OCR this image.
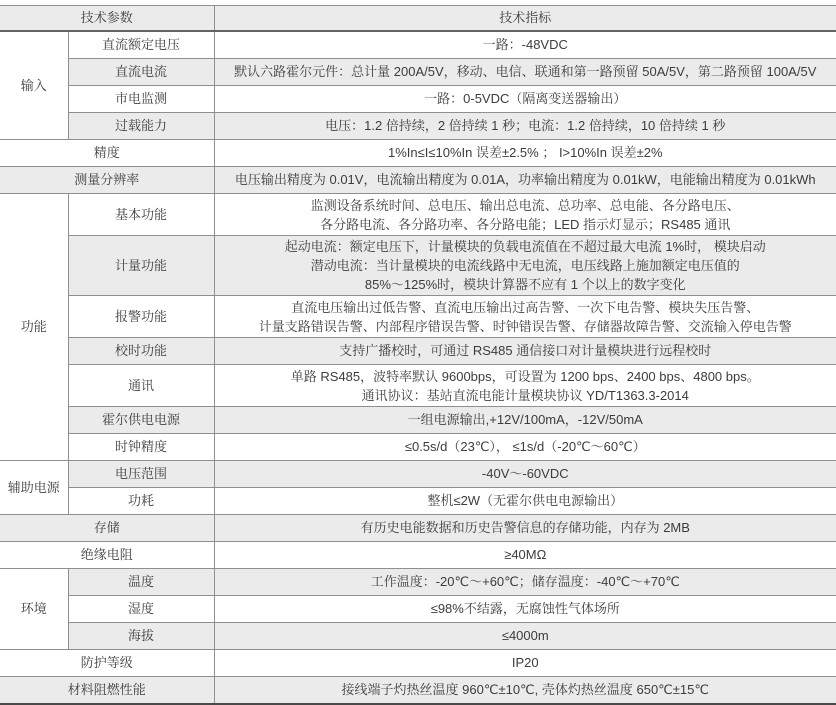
技术参数		技术指标
输入	直流额定电压	一路：-48VDC
	直流电流	默认六路霍尔元件：总计量 200A/5V，移动、电信、联通和第一路预留 50A/5V，第二路预留 100A/5V
	市电监测	一路：0-5VDC（隔离变送器输出）
	过载能力	电压：1.2 倍持续，2 倍持续 1 秒；电流：1.2 倍持续，10 倍持续 1 秒
精度		1%In≤I≤10%In 误差±2.5% ； I>10%In 误差±2%
测量分辨率		电压输出精度为 0.01V，电流输出精度为 0.01A，功率输出精度为 0.01kW，电能输出精度为 0.01kWh
功能	基本功能	监测设备系统时间、总电压、输出总电流、总功率、总电能、各分路电压、
各分路电流、各分路功率、各分路电能；LED 指示灯显示；RS485 通讯

	计量功能	起动电流：额定电压下，计量模块的负载电流值在不超过最大电流 1%时， 模块启动
潜动电流：当计量模块的电流线路中无电流，电压线路上施加额定电压值的
85%～125%时，模块计算器不应有 1 个以上的数字变化

	报警功能	直流电压输出过低告警、直流电压输出过高告警、一次下电告警、模块失压告警、
计量支路错误告警、内部程序错误告警、时钟错误告警、存储器故障告警、交流输入停电告警

	校时功能	支持广播校时，可通过 RS485 通信接口对计量模块进行远程校时
	通讯	单路 RS485，波特率默认 9600bps，可设置为 1200 bps、2400 bps、4800 bps。
通讯协议：基站直流电能计量模块协议 YD/T1363.3-2014

	霍尔供电电源	一组电源输出,+12V/100mA，-12V/50mA
	时钟精度	≤0.5s/d（23℃）， ≤1s/d（-20℃～60℃）
辅助电源	电压范围	-40V～-60VDC
	功耗	整机≤2W（无霍尔供电电源输出）
存储		有历史电能数据和历史告警信息的存储功能，内存为 2MB
绝缘电阻		≥40MΩ
环境	温度	工作温度：-20℃～+60℃；储存温度：-40℃～+70℃
	湿度	≤98%不结露，无腐蚀性气体场所
	海拔	≤4000m
防护等级		IP20
材料阻燃性能		接线端子灼热丝温度 960℃±10℃, 壳体灼热丝温度 650℃±15℃
